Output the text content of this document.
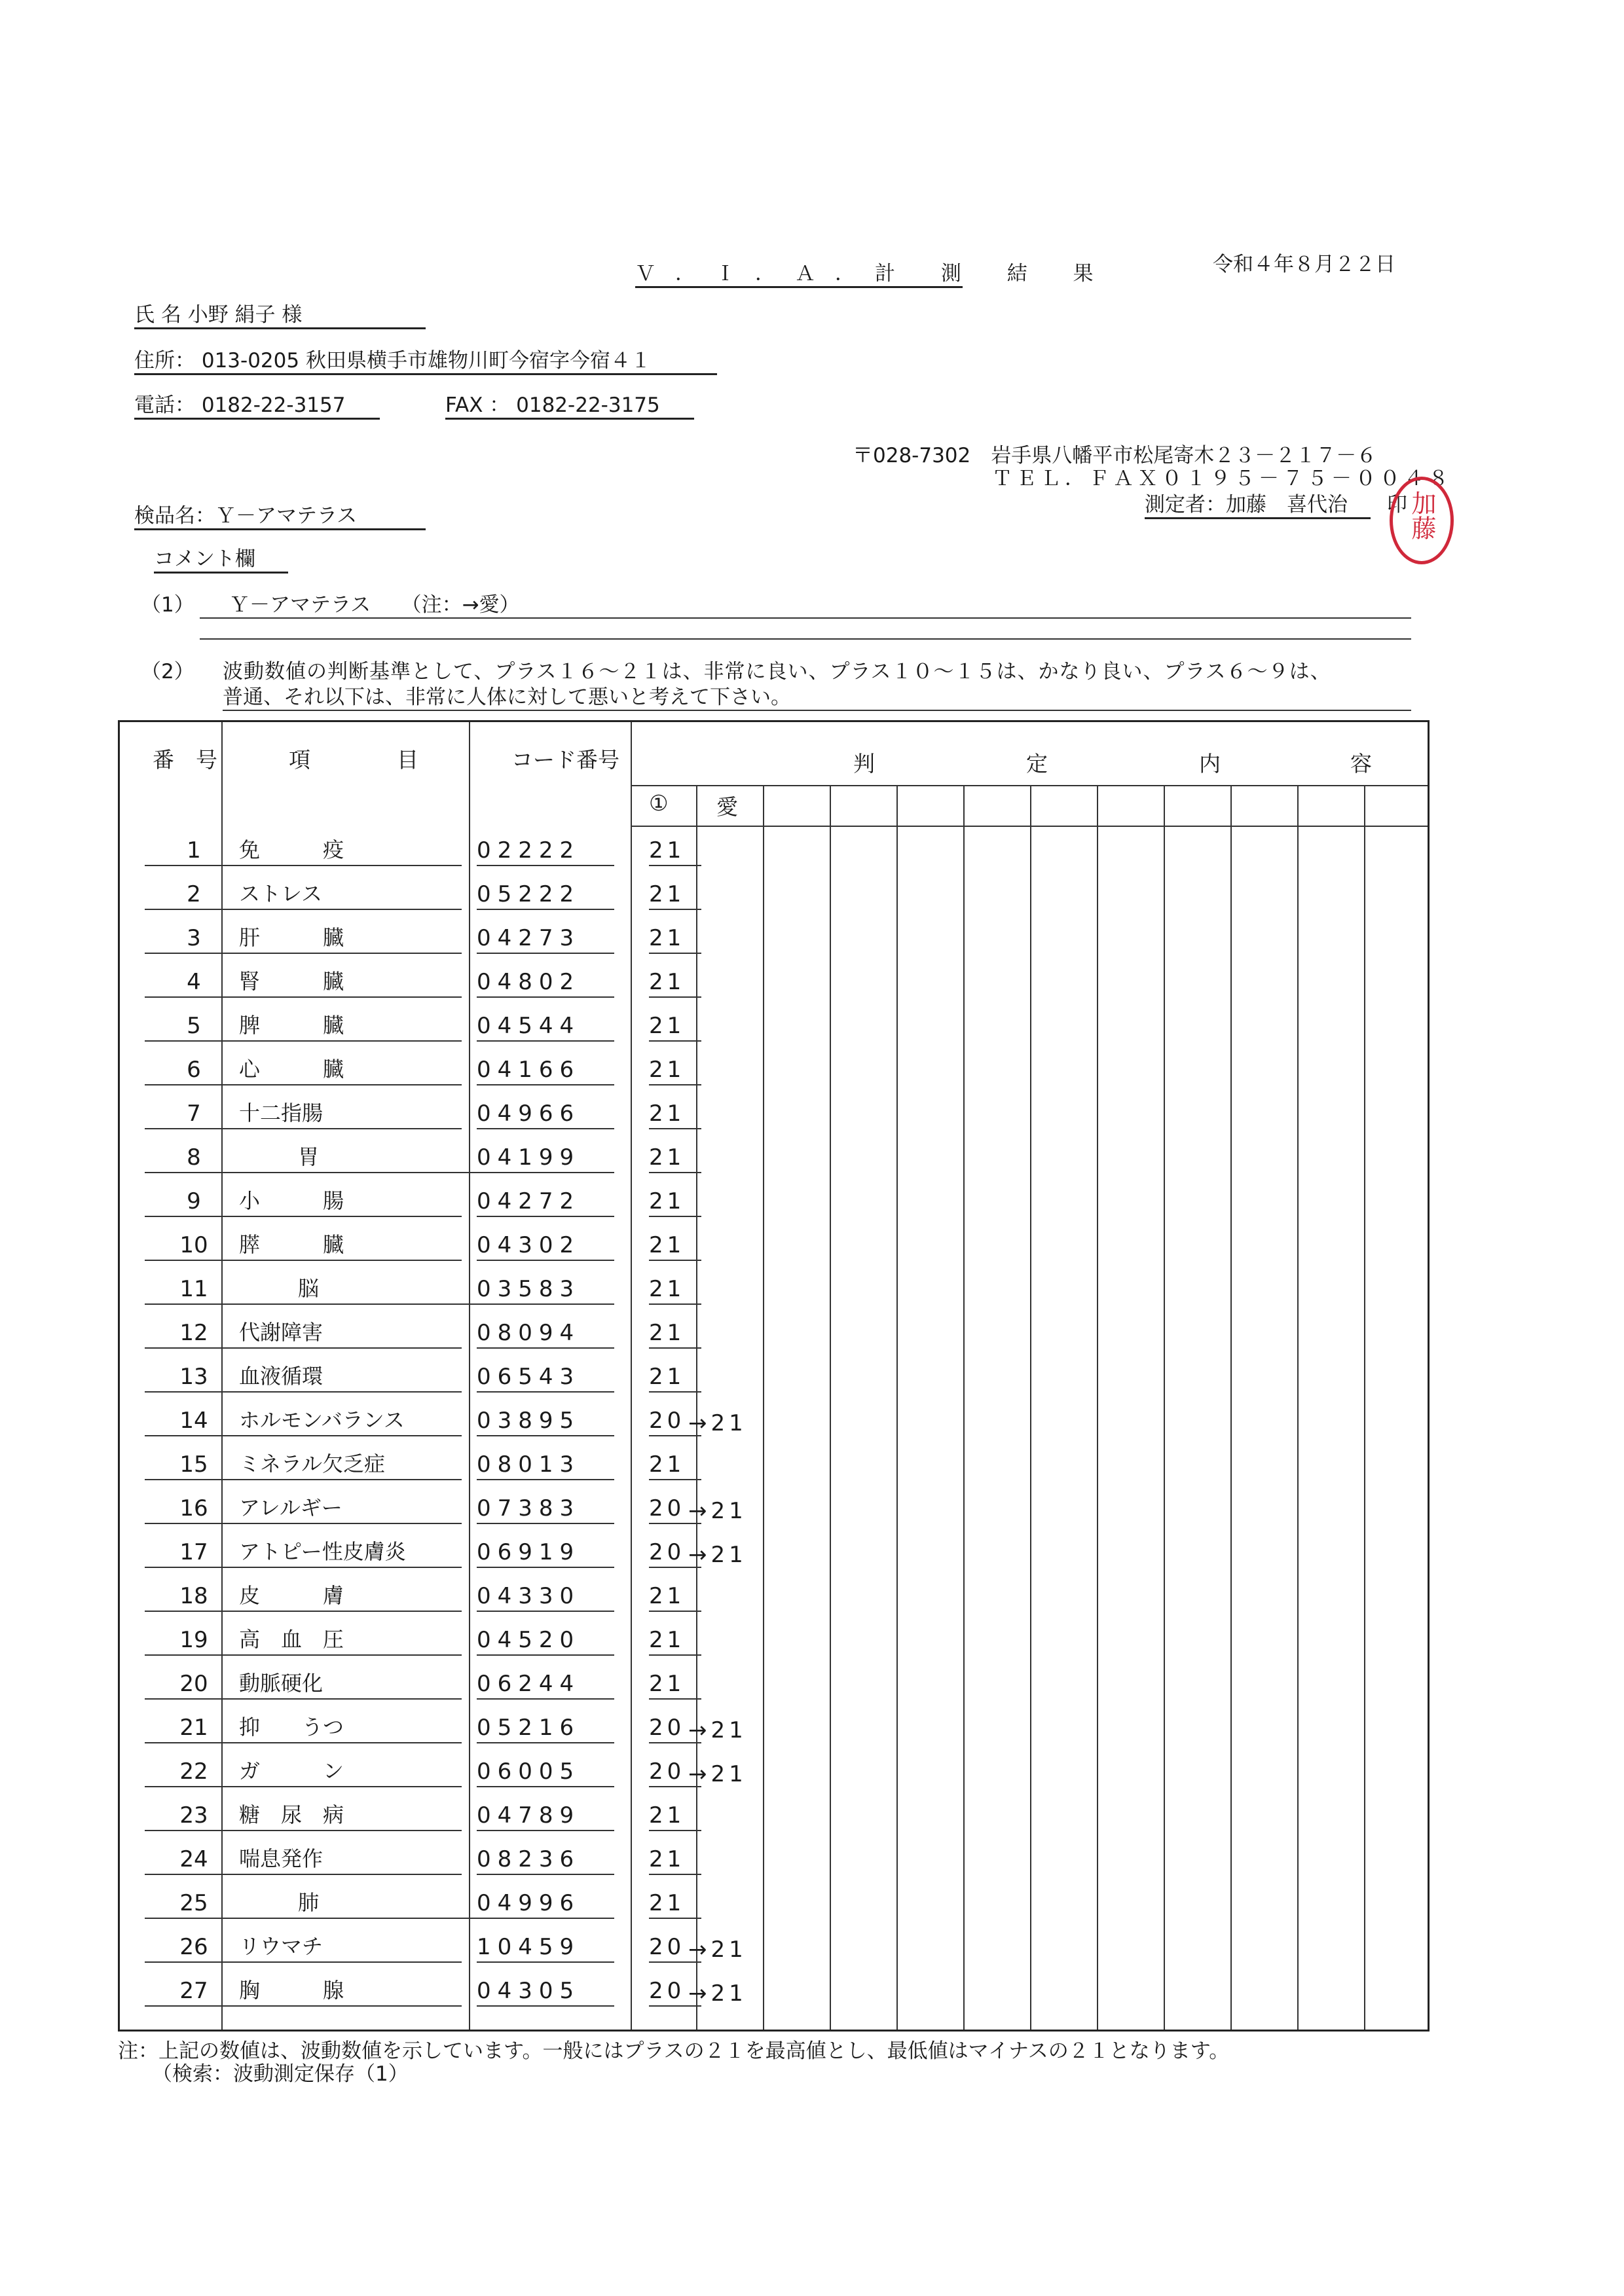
令和４年８月２２日
Ｖ．Ｉ．Ａ．計 測 結 果
氏 名 小野 絹子 様
住所： 013-0205 秋田県横手市雄物川町今宿字今宿４１
電話： 0182-22-3157	FAX ： 0182-22-3175
〒028-7302　岩手県八幡平市松尾寄木２３－２１７－６
ＴＥＬ．ＦＡＸ０１９５－７５－００４８
測定者：加藤　喜代治	印 加藤
検品名：Ｙ－アマテラス
コメント欄
（1）	Ｙ－アマテラス　　（注：→愛）
（2） 波動数値の判断基準として、プラス１６～２１は、非常に良い、プラス１０～１５は、かなり良い、プラス６～９は、
普通、それ以下は、非常に人体に対して悪いと考えて下さい。
番　号	項　　　　目	コード番号	判　　　　　　　定　　　　　　　内　　　　　　容
① 愛
1	免　　　疫	02222	21
2	ストレス	05222	21
3	肝　　　臓	04273	21
4	腎　　　臓	04802	21
5	脾　　　臓	04544	21
6	心　　　臓	04166	21
7	十二指腸	04966	21
8	胃	04199	21
9	小　　　腸	04272	21
10	膵　　　臓	04302	21
11	脳	03583	21
12	代謝障害	08094	21
13	血液循環	06543	21
14	ホルモンバランス	03895	20 →21
15	ミネラル欠乏症	08013	21
16	アレルギー	07383	20 →21
17	アトピー性皮膚炎	06919	20 →21
18	皮　　　膚	04330	21
19	高　血　圧	04520	21
20	動脈硬化	06244	21
21	抑　　うつ	05216	20 →21
22	ガ　　　ン	06005	20 →21
23	糖　尿　病	04789	21
24	喘息発作	08236	21
25	肺	04996	21
26	リウマチ	10459	20 →21
27	胸　　　腺	04305	20 →21
注：上記の数値は、波動数値を示しています。一般にはプラスの２１を最高値とし、最低値はマイナスの２１となります。
（検索：波動測定保存（1）
